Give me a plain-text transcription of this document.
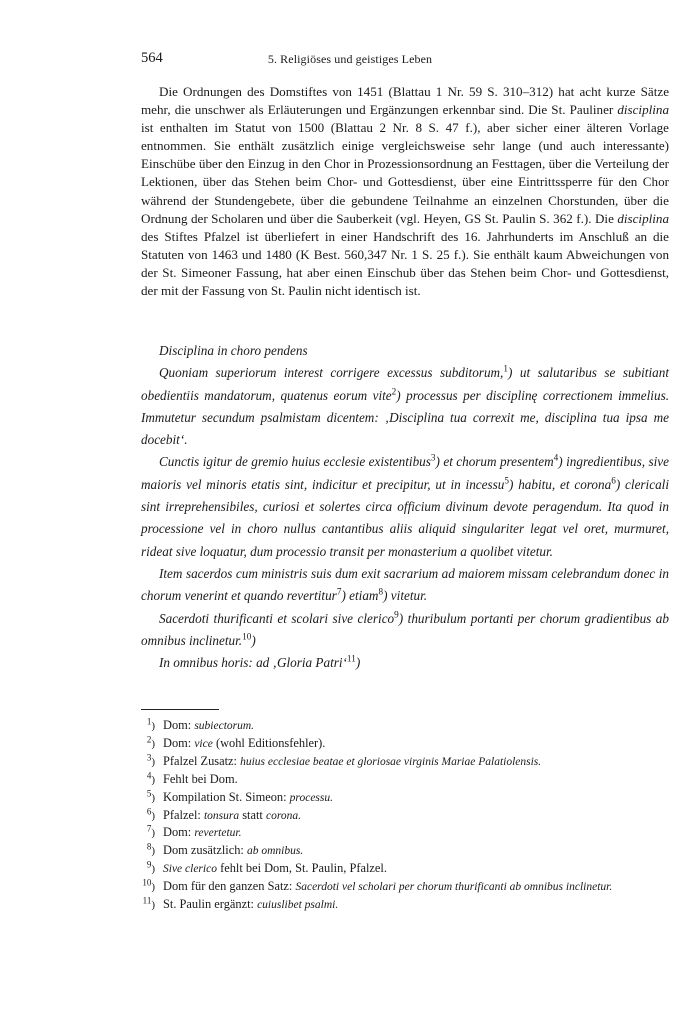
564	5. Religiöses und geistiges Leben

Die Ordnungen des Domstiftes von 1451 (Blattau 1 Nr. 59 S. 310–312) hat acht kurze Sätze mehr, die unschwer als Erläuterungen und Ergänzungen erkennbar sind. Die St. Pauliner disciplina ist enthalten im Statut von 1500 (Blattau 2 Nr. 8 S. 47 f.), aber sicher einer älteren Vorlage entnommen. Sie enthält zusätzlich einige vergleichsweise sehr lange (und auch interessante) Einschübe über den Einzug in den Chor in Prozessionsordnung an Festtagen, über die Verteilung der Lektionen, über das Stehen beim Chor- und Gottesdienst, über eine Eintrittssperre für den Chor während der Stundengebete, über die gebundene Teilnahme an einzelnen Chorstunden, über die Ordnung der Scholaren und über die Sauberkeit (vgl. Heyen, GS St. Paulin S. 362 f.). Die disciplina des Stiftes Pfalzel ist überliefert in einer Handschrift des 16. Jahrhunderts im Anschluß an die Statuten von 1463 und 1480 (K Best. 560,347 Nr. 1 S. 25 f.). Sie enthält kaum Abweichungen von der St. Simeoner Fassung, hat aber einen Einschub über das Stehen beim Chor- und Gottesdienst, der mit der Fassung von St. Paulin nicht identisch ist.

Disciplina in choro pendens

Quoniam superiorum interest corrigere excessus subditorum,$^1$) ut salutaribus se subitiant obedientiis mandatorum, quatenus eorum vite$^2$) processus per disciplinę correctionem immelius. Immutetur secundum psalmistam dicentem: ‚Disciplina tua correxit me, disciplina tua ipsa me docebit‘.

Cunctis igitur de gremio huius ecclesie existentibus$^3$) et chorum presentem$^4$) ingredientibus, sive maioris vel minoris etatis sint, indicitur et precipitur, ut in incessu$^5$) habitu, et corona$^6$) clericali sint irreprehensibiles, curiosi et solertes circa officium divinum devote peragendum. Ita quod in processione vel in choro nullus cantantibus aliis aliquid singulariter legat vel oret, murmuret, rideat sive loquatur, dum processio transit per monasterium a quolibet vitetur.

Item sacerdos cum ministris suis dum exit sacrarium ad maiorem missam celebrandum donec in chorum venerint et quando revertitur$^7$) etiam$^8$) vitetur.

Sacerdoti thurificanti et scolari sive clerico$^9$) thuribulum portanti per chorum gradientibus ab omnibus inclinetur.$^{10}$)

In omnibus horis: ad ‚Gloria Patri‘$^{11}$)

$^1$) Dom: subiectorum.

$^2$) Dom: vice (wohl Editionsfehler).

$^3$) Pfalzel Zusatz: huius ecclesiae beatae et gloriosae virginis Mariae Palatiolensis.

$^4$) Fehlt bei Dom.

$^5$) Kompilation St. Simeon: processu.

$^6$) Pfalzel: tonsura statt corona.

$^7$) Dom: revertetur.

$^8$) Dom zusätzlich: ab omnibus.

$^9$) Sive clerico fehlt bei Dom, St. Paulin, Pfalzel.

$^{10}$) Dom für den ganzen Satz: Sacerdoti vel scholari per chorum thurificanti ab omnibus inclinetur.

$^{11}$) St. Paulin ergänzt: cuiuslibet psalmi.
